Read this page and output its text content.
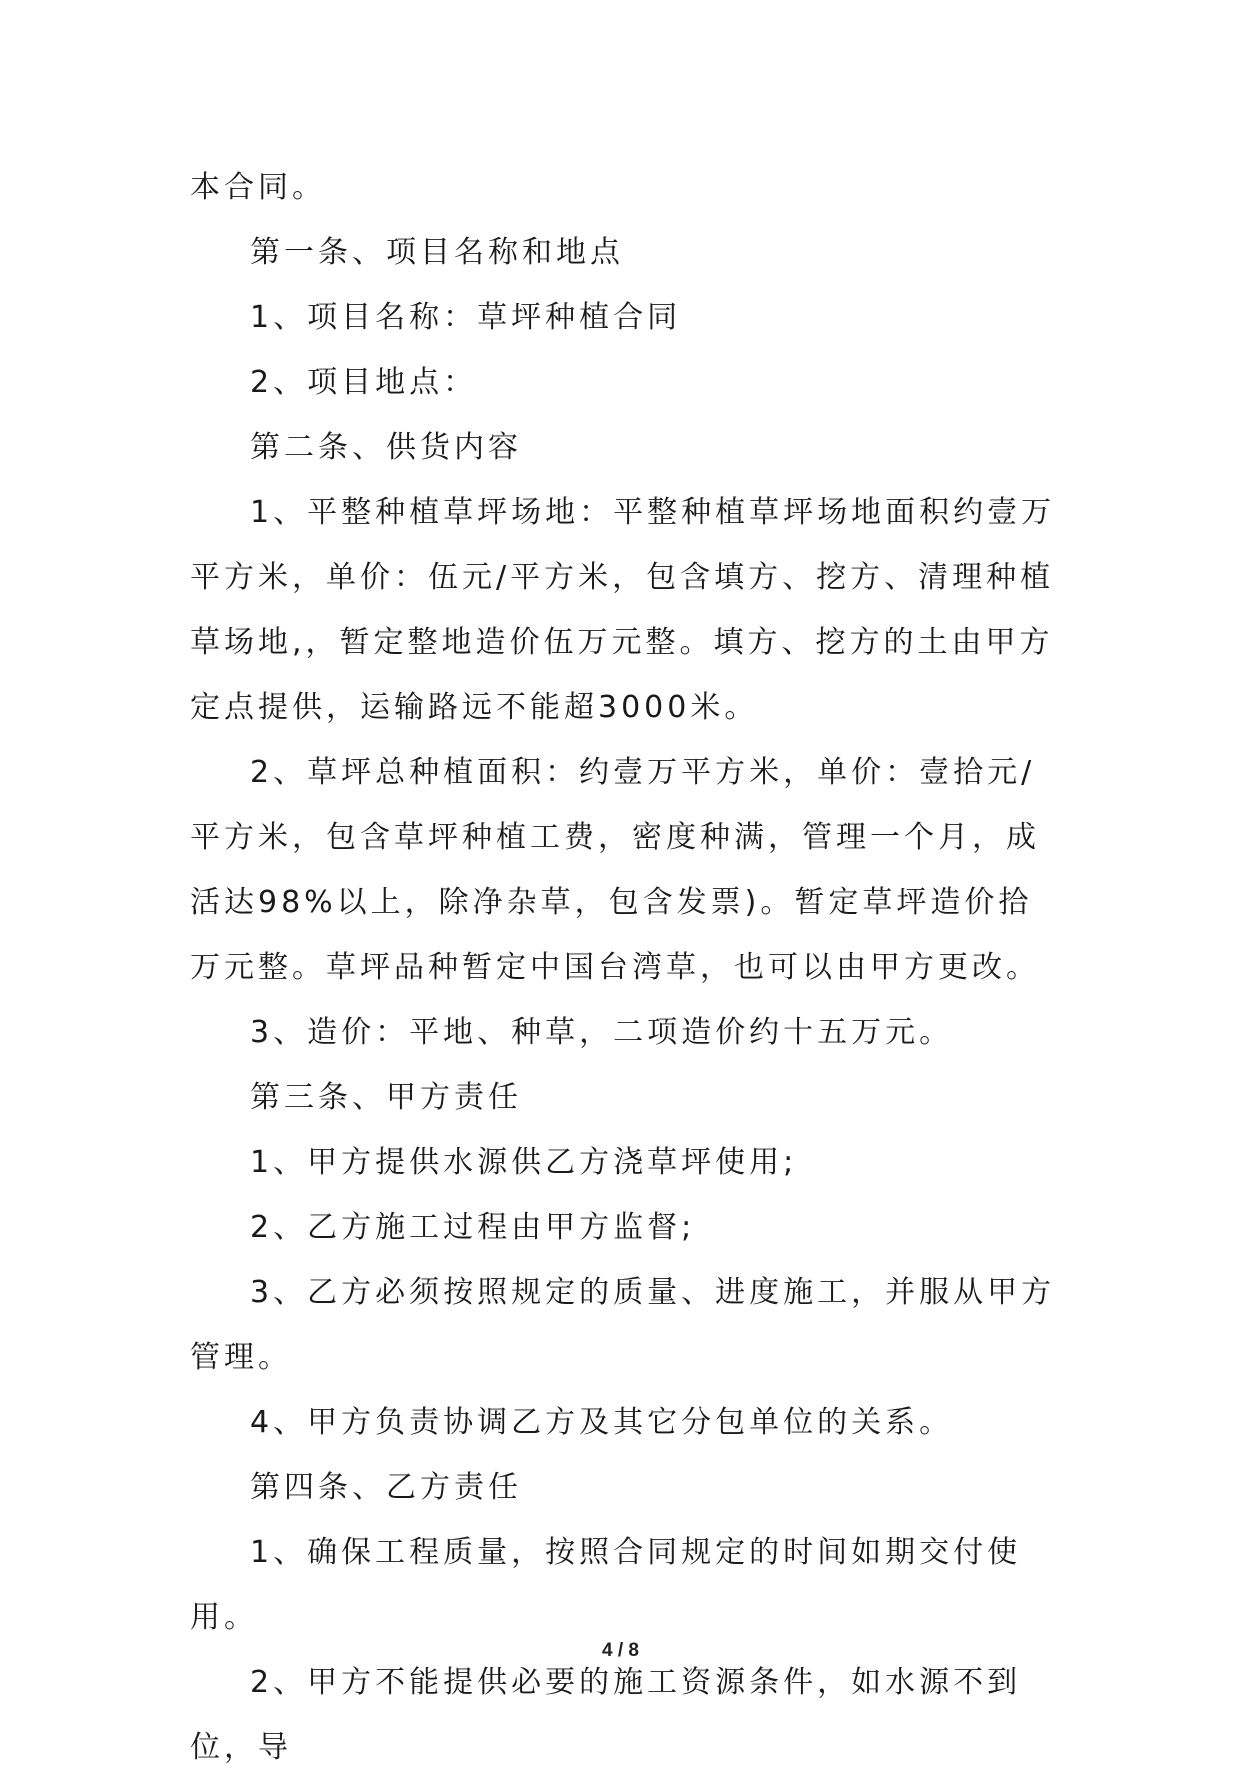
本合同。

第一条、项目名称和地点

1、项目名称：草坪种植合同

2、项目地点：

第二条、供货内容

1、平整种植草坪场地：平整种植草坪场地面积约壹万平方米，单价：伍元/平方米，包含填方、挖方、清理种植草场地,，暂定整地造价伍万元整。填方、挖方的土由甲方定点提供，运输路远不能超3000米。

2、草坪总种植面积：约壹万平方米，单价：壹拾元/平方米，包含草坪种植工费，密度种满，管理一个月，成活达98%以上，除净杂草，包含发票)。暂定草坪造价拾万元整。草坪品种暂定中国台湾草，也可以由甲方更改。

3、造价：平地、种草，二项造价约十五万元。

第三条、甲方责任

1、甲方提供水源供乙方浇草坪使用;

2、乙方施工过程由甲方监督;

3、乙方必须按照规定的质量、进度施工，并服从甲方管理。

4、甲方负责协调乙方及其它分包单位的关系。

第四条、乙方责任

1、确保工程质量，按照合同规定的时间如期交付使用。

2、甲方不能提供必要的施工资源条件，如水源不到位，导

4 / 8
